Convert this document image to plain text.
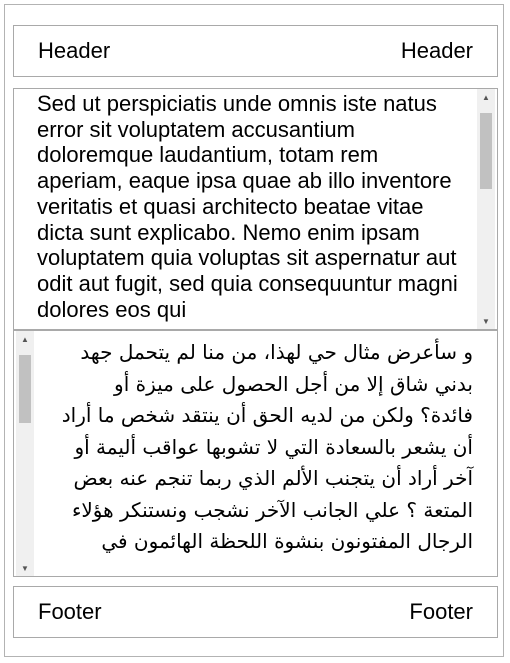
Header	Header
Sed ut perspiciatis unde omnis iste natus error sit voluptatem accusantium doloremque laudantium, totam rem aperiam, eaque ipsa quae ab illo inventore veritatis et quasi architecto beatae vitae dicta sunt explicabo. Nemo enim ipsam voluptatem quia voluptas sit aspernatur aut odit aut fugit, sed quia consequuntur magni dolores eos qui
▲
▼
و سأعرض مثال حي لهذا، من منا لم يتحمل جهد بدني شاق إلا من أجل الحصول على ميزة أو فائدة؟ ولكن من لديه الحق أن ينتقد شخص ما أراد أن يشعر بالسعادة التي لا تشوبها عواقب أليمة أو آخر أراد أن يتجنب الألم الذي ربما تنجم عنه بعض المتعة ؟ علي الجانب الآخر نشجب ونستنكر هؤلاء الرجال المفتونون بنشوة اللحظة الهائمون في
▲
▼
Footer	Footer
